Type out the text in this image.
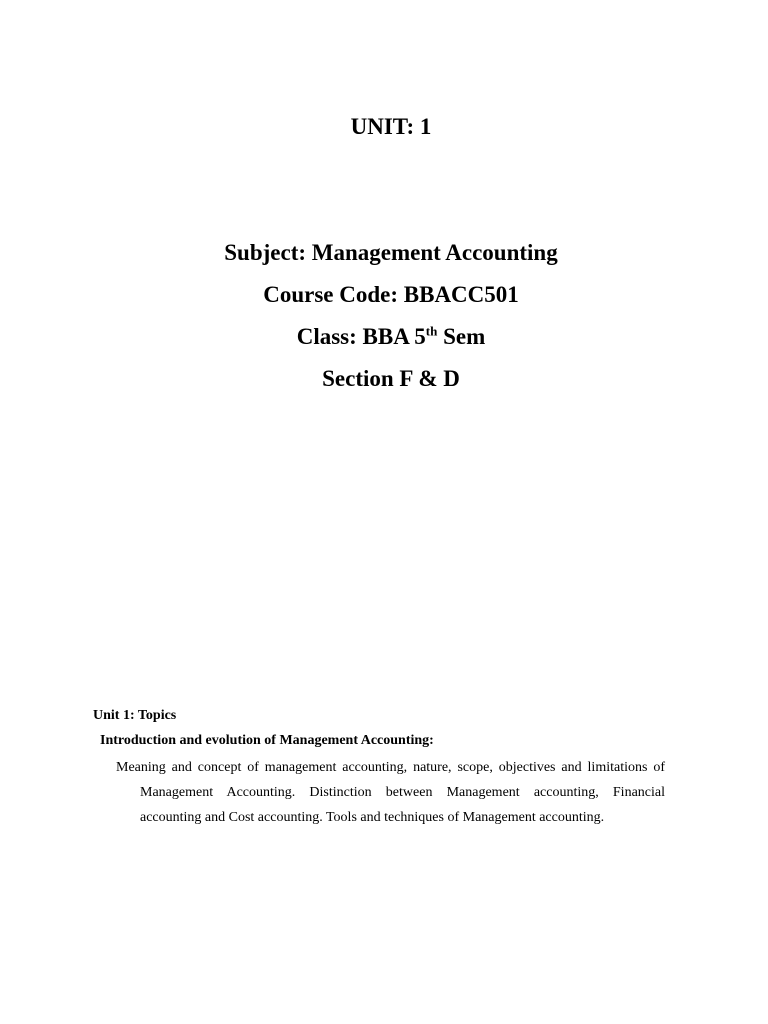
UNIT: 1

Subject: Management Accounting

Course Code: BBACC501

Class: BBA 5th Sem

Section F & D

Unit 1: Topics

Introduction and evolution of Management Accounting:

Meaning and concept of management accounting, nature, scope, objectives and limitations of Management Accounting. Distinction between Management accounting, Financial accounting and Cost accounting. Tools and techniques of Management accounting.
